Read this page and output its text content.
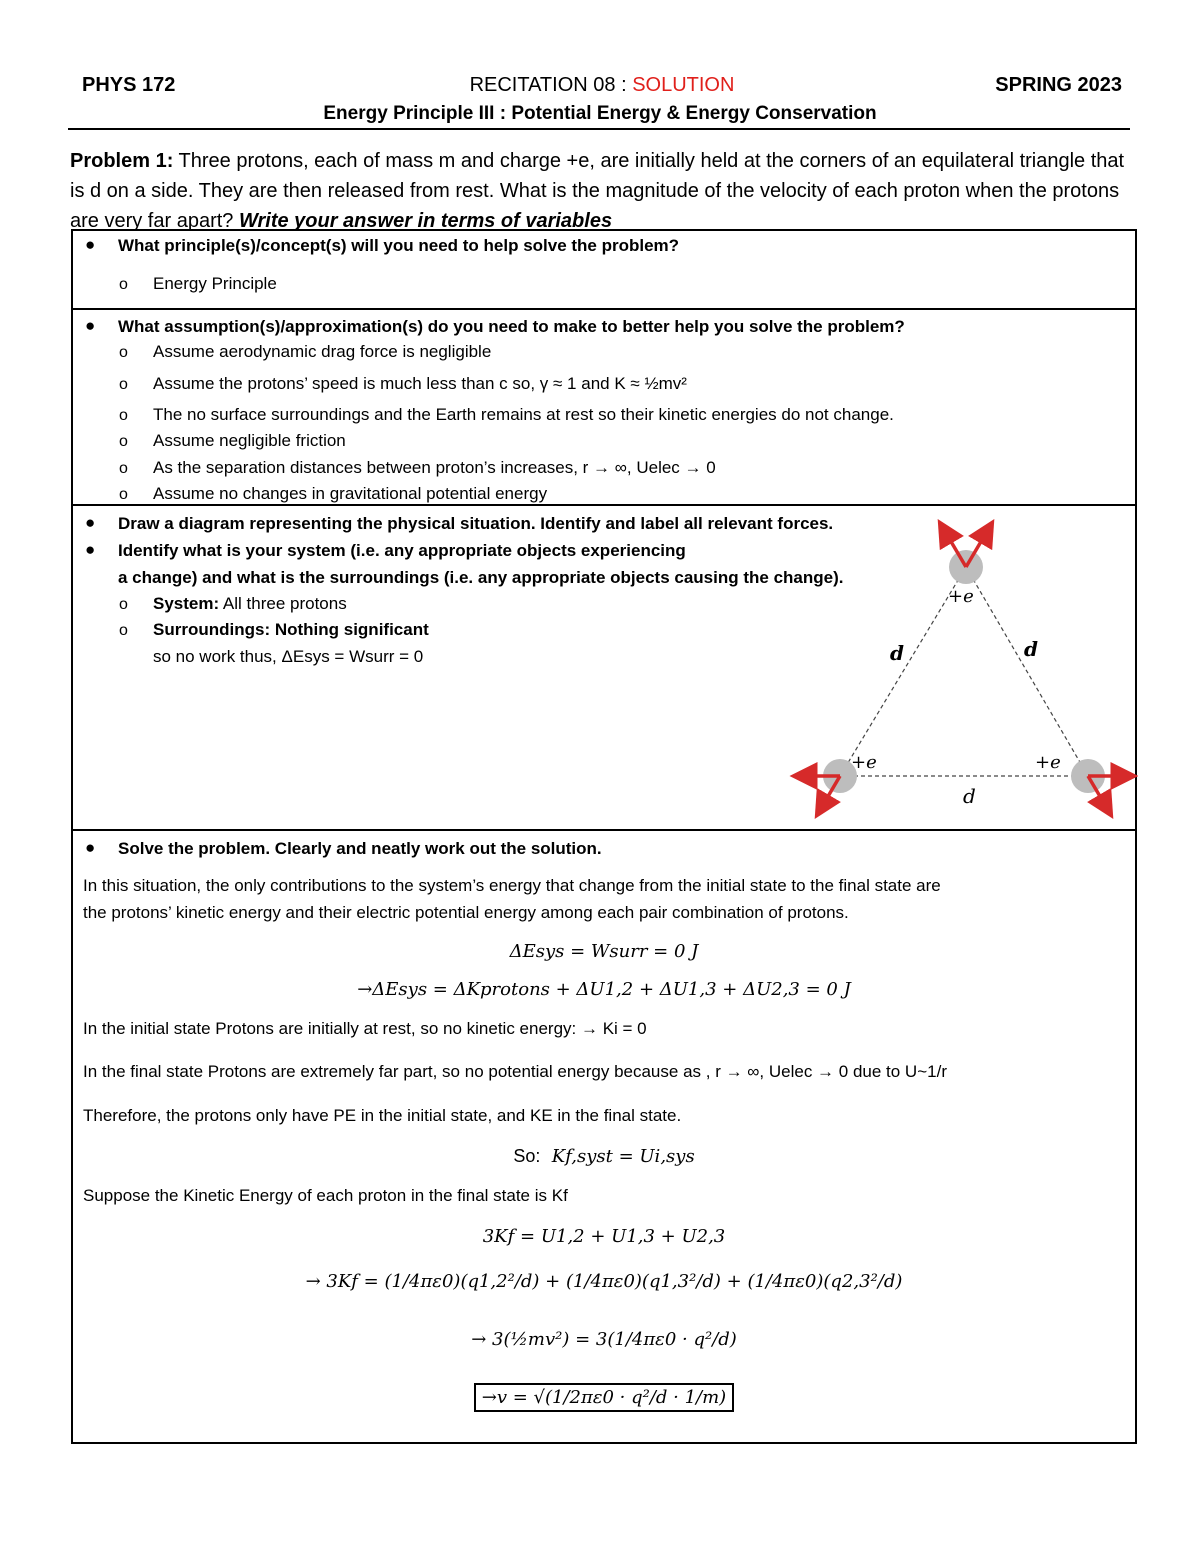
PHYS 172	RECITATION 08 : SOLUTION	SPRING 2023
Energy Principle III : Potential Energy & Energy Conservation
Problem 1: Three protons, each of mass m and charge +e, are initially held at the corners of an equilateral triangle that is d on a side. They are then released from rest. What is the magnitude of the velocity of each proton when the protons are very far apart? Write your answer in terms of variables
● What principle(s)/concept(s) will you need to help solve the problem?
o Energy Principle
● What assumption(s)/approximation(s) do you need to make to better help you solve the problem?
o Assume aerodynamic drag force is negligible
o Assume the protons’ speed is much less than c so, γ ≈ 1 and K ≈ ½mv²
o The no surface surroundings and the Earth remains at rest so their kinetic energies do not change.
o Assume negligible friction
o As the separation distances between proton’s increases, r → ∞, Uelec → 0
o Assume no changes in gravitational potential energy
● Draw a diagram representing the physical situation. Identify and label all relevant forces.
● Identify what is your system (i.e. any appropriate objects experiencing
a change) and what is the surroundings (i.e. any appropriate objects causing the change).
o System: All three protons
o Surroundings: Nothing significant
so no work thus, ΔEsys = Wsurr = 0
+e
+e	+e
d	d
d
● Solve the problem. Clearly and neatly work out the solution.
In this situation, the only contributions to the system’s energy that change from the initial state to the final state are
the protons’ kinetic energy and their electric potential energy among each pair combination of protons.
ΔEsys = Wsurr = 0 J
→ΔEsys = ΔKprotons + ΔU1,2 + ΔU1,3 + ΔU2,3 = 0 J
In the initial state Protons are initially at rest, so no kinetic energy: → Ki = 0
In the final state Protons are extremely far part, so no potential energy because as , r → ∞, Uelec → 0 due to U~1/r
Therefore, the protons only have PE in the initial state, and KE in the final state.
So: Kf,syst = Ui,sys
Suppose the Kinetic Energy of each proton in the final state is Kf
3Kf = U1,2 + U1,3 + U2,3
→ 3Kf = (1/4πε0)(q1,2²/d) + (1/4πε0)(q1,3²/d) + (1/4πε0)(q2,3²/d)
→ 3(½mv²) = 3(1/4πε0 · q²/d)
→v = √(1/2πε0 · q²/d · 1/m)
